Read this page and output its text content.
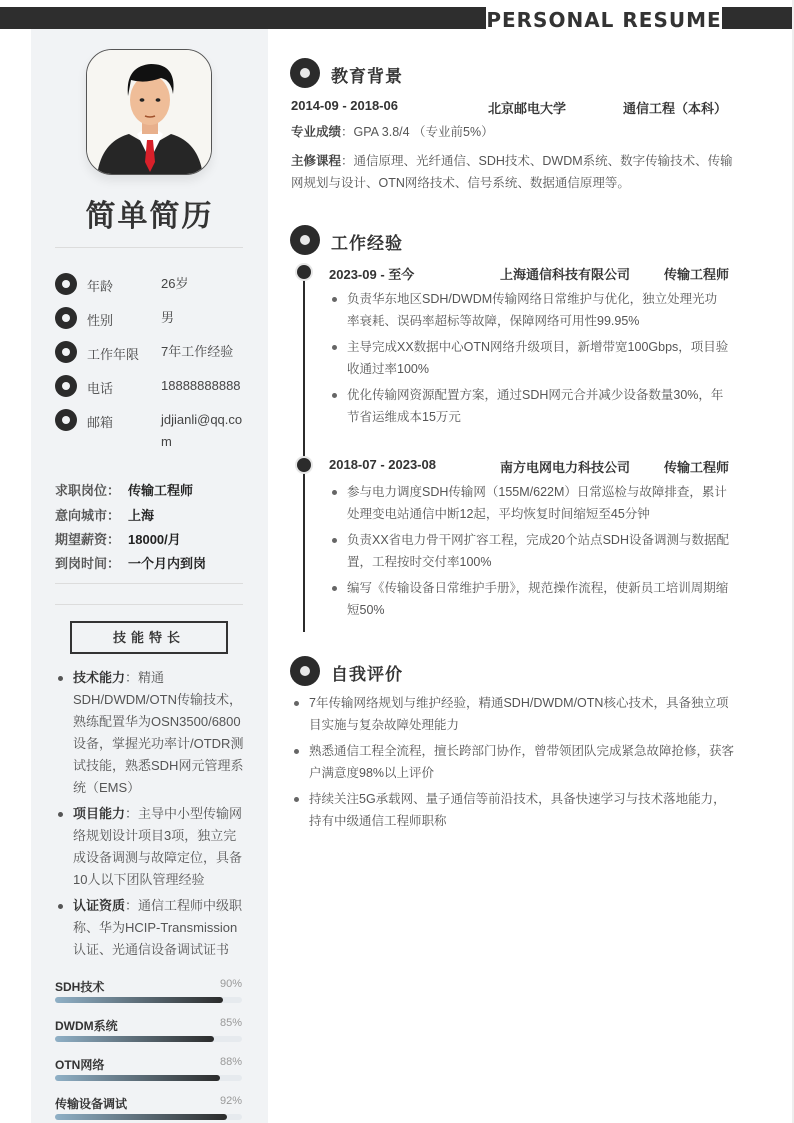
PERSONAL RESUME
简单简历
年龄	26岁
性别	男
工作年限 7年工作经验
电话	18888888888
邮箱	jdjianli@qq.com
求职岗位： 传输工程师
意向城市： 上海
期望薪资： 18000/月
到岗时间： 一个月内到岗
技能特长
技术能力：精通SDH/DWDM/OTN传输技术，熟练配置华为OSN3500/6800设备，掌握光功率计/OTDR测试技能，熟悉SDH网元管理系统（EMS）
项目能力：主导中小型传输网络规划设计项目3项，独立完成设备调测与故障定位，具备10人以下团队管理经验
认证资质：通信工程师中级职称、华为HCIP-Transmission认证、光通信设备调试证书
SDH技术	90%
DWDM系统	85%
OTN网络	88%
传输设备调试	92%
教育背景
2014-09 - 2018-06	北京邮电大学	通信工程（本科）
专业成绩：GPA 3.8/4 （专业前5%）
主修课程：通信原理、光纤通信、SDH技术、DWDM系统、数字传输技术、传输网规划与设计、OTN网络技术、信号系统、数据通信原理等。
工作经验
2023-09 - 至今	上海通信科技有限公司	传输工程师
负责华东地区SDH/DWDM传输网络日常维护与优化，独立处理光功率衰耗、误码率超标等故障，保障网络可用性99.95%
主导完成XX数据中心OTN网络升级项目，新增带宽100Gbps，项目验收通过率100%
优化传输网资源配置方案，通过SDH网元合并减少设备数量30%，年节省运维成本15万元
2018-07 - 2023-08	南方电网电力科技公司	传输工程师
参与电力调度SDH传输网（155M/622M）日常巡检与故障排查，累计处理变电站通信中断12起，平均恢复时间缩短至45分钟
负责XX省电力骨干网扩容工程，完成20个站点SDH设备调测与数据配置，工程按时交付率100%
编写《传输设备日常维护手册》，规范操作流程，使新员工培训周期缩短50%
自我评价
7年传输网络规划与维护经验，精通SDH/DWDM/OTN核心技术，具备独立项目实施与复杂故障处理能力
熟悉通信工程全流程，擅长跨部门协作，曾带领团队完成紧急故障抢修，获客户满意度98%以上评价
持续关注5G承载网、量子通信等前沿技术，具备快速学习与技术落地能力，持有中级通信工程师职称
